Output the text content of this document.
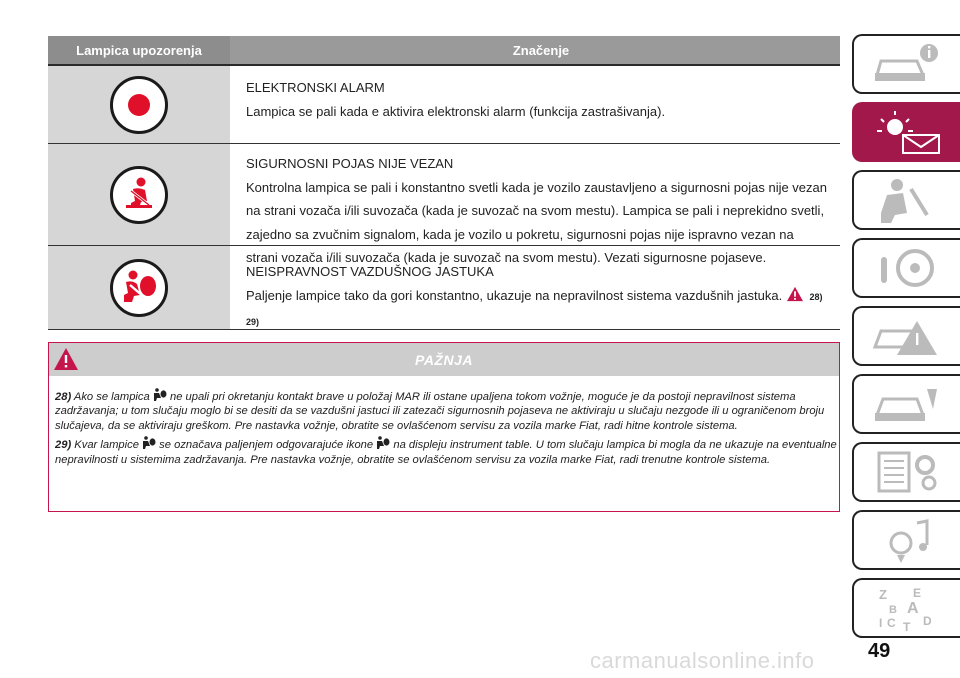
Lampica upozorenja	Značenje
ELEKTRONSKI ALARM
Lampica se pali kada e aktivira elektronski alarm (funkcija zastrašivanja).
SIGURNOSNI POJAS NIJE VEZAN
Kontrolna lampica se pali i konstantno svetli kada je vozilo zaustavljeno a sigurnosni pojas nije vezan na strani vozača i/ili suvozača (kada je suvozač na svom mestu). Lampica se pali i neprekidno svetli, zajedno sa zvučnim signalom, kada je vozilo u pokretu, sigurnosni pojas nije ispravno vezan na strani vozača i/ili suvozača (kada je suvozač na svom mestu). Vezati sigurnosne pojaseve.
NEISPRAVNOST VAZDUŠNOG JASTUKA
Paljenje lampice tako da gori konstantno, ukazuje na nepravilnost sistema vazdušnih jastuka.	28) 29)
PAŽNJA

28) Ako se lampica ne upali pri okretanju kontakt brave u položaj MAR ili ostane upaljena tokom vožnje, moguće je da postoji nepravilnost sistema zadržavanja; u tom slučaju moglo bi se desiti da se vazdušni jastuci ili zatezači sigurnosnih pojaseva ne aktiviraju u slučaju nezgode ili u ograničenom broju slučajeva, da se aktiviraju greškom. Pre nastavka vožnje, obratite se ovlašćenom servisu za vozila marke Fiat, radi hitne kontrole sistema.

29) Kvar lampice se označava paljenjem odgovarajuće ikone na displeju instrument table. U tom slučaju lampica bi mogla da ne ukazuje na eventualne nepravilnosti u sistemima zadržavanja. Pre nastavka vožnje, obratite se ovlašćenom servisu za vozila marke Fiat, radi trenutne kontrole sistema.

Z E
B A
I C T D
49
carmanualsonline.info
